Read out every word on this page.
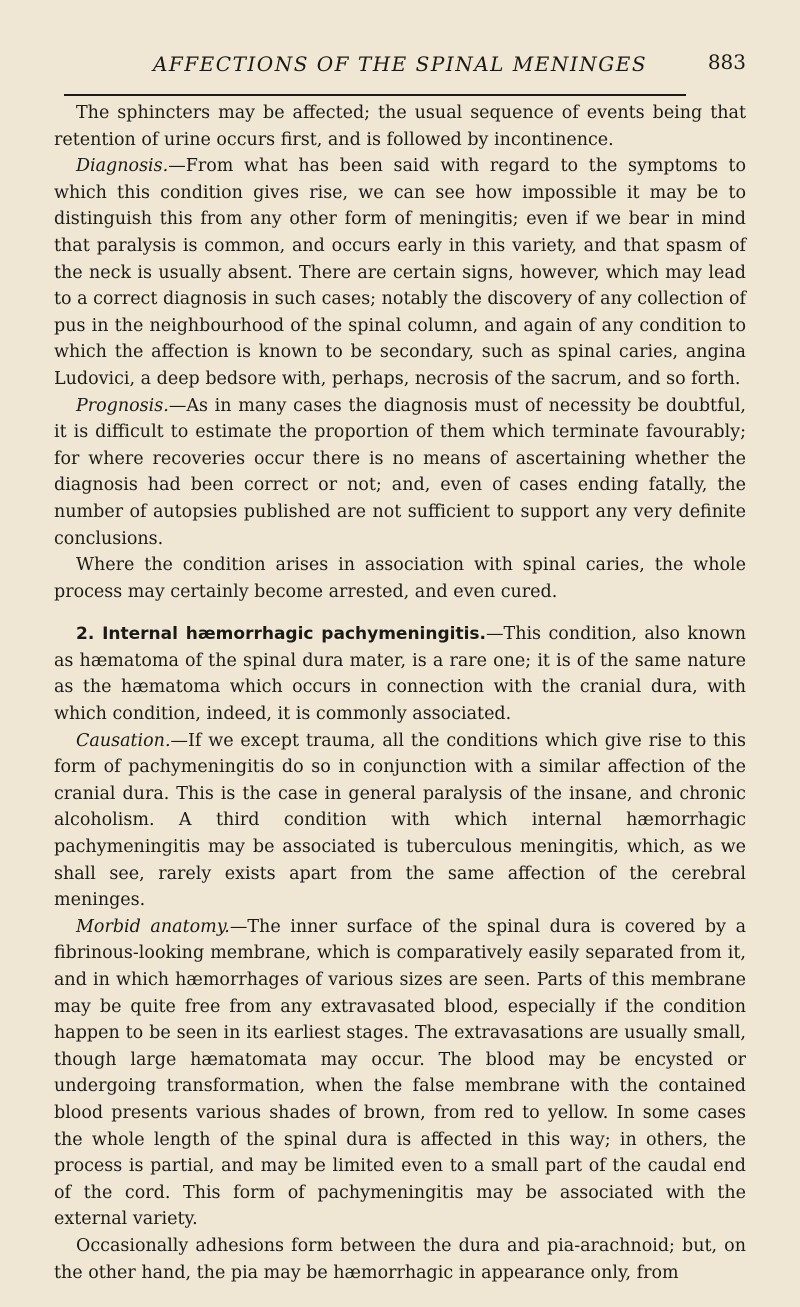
AFFECTIONS OF THE SPINAL MENINGES	883

The sphincters may be affected; the usual sequence of events being that retention of urine occurs first, and is followed by incontinence.

Diagnosis.—From what has been said with regard to the symptoms to which this condition gives rise, we can see how impossible it may be to distinguish this from any other form of meningitis; even if we bear in mind that paralysis is common, and occurs early in this variety, and that spasm of the neck is usually absent. There are certain signs, however, which may lead to a correct diagnosis in such cases; notably the discovery of any collection of pus in the neighbourhood of the spinal column, and again of any condition to which the affection is known to be secondary, such as spinal caries, angina Ludovici, a deep bedsore with, perhaps, necrosis of the sacrum, and so forth.

Prognosis.—As in many cases the diagnosis must of necessity be doubtful, it is difficult to estimate the proportion of them which terminate favourably; for where recoveries occur there is no means of ascertaining whether the diagnosis had been correct or not; and, even of cases ending fatally, the number of autopsies published are not sufficient to support any very definite conclusions.

Where the condition arises in association with spinal caries, the whole process may certainly become arrested, and even cured.

2. Internal hæmorrhagic pachymeningitis.—This condition, also known as hæmatoma of the spinal dura mater, is a rare one; it is of the same nature as the hæmatoma which occurs in connection with the cranial dura, with which condition, indeed, it is commonly associated.

Causation.—If we except trauma, all the conditions which give rise to this form of pachymeningitis do so in conjunction with a similar affection of the cranial dura. This is the case in general paralysis of the insane, and chronic alcoholism. A third condition with which internal hæmorrhagic pachymeningitis may be associated is tuberculous meningitis, which, as we shall see, rarely exists apart from the same affection of the cerebral meninges.

Morbid anatomy.—The inner surface of the spinal dura is covered by a fibrinous-looking membrane, which is comparatively easily separated from it, and in which hæmorrhages of various sizes are seen. Parts of this membrane may be quite free from any extravasated blood, especially if the condition happen to be seen in its earliest stages. The extravasations are usually small, though large hæmatomata may occur. The blood may be encysted or undergoing transformation, when the false membrane with the contained blood presents various shades of brown, from red to yellow. In some cases the whole length of the spinal dura is affected in this way; in others, the process is partial, and may be limited even to a small part of the caudal end of the cord. This form of pachymeningitis may be associated with the external variety.

Occasionally adhesions form between the dura and pia-arachnoid; but, on the other hand, the pia may be hæmorrhagic in appearance only, from
